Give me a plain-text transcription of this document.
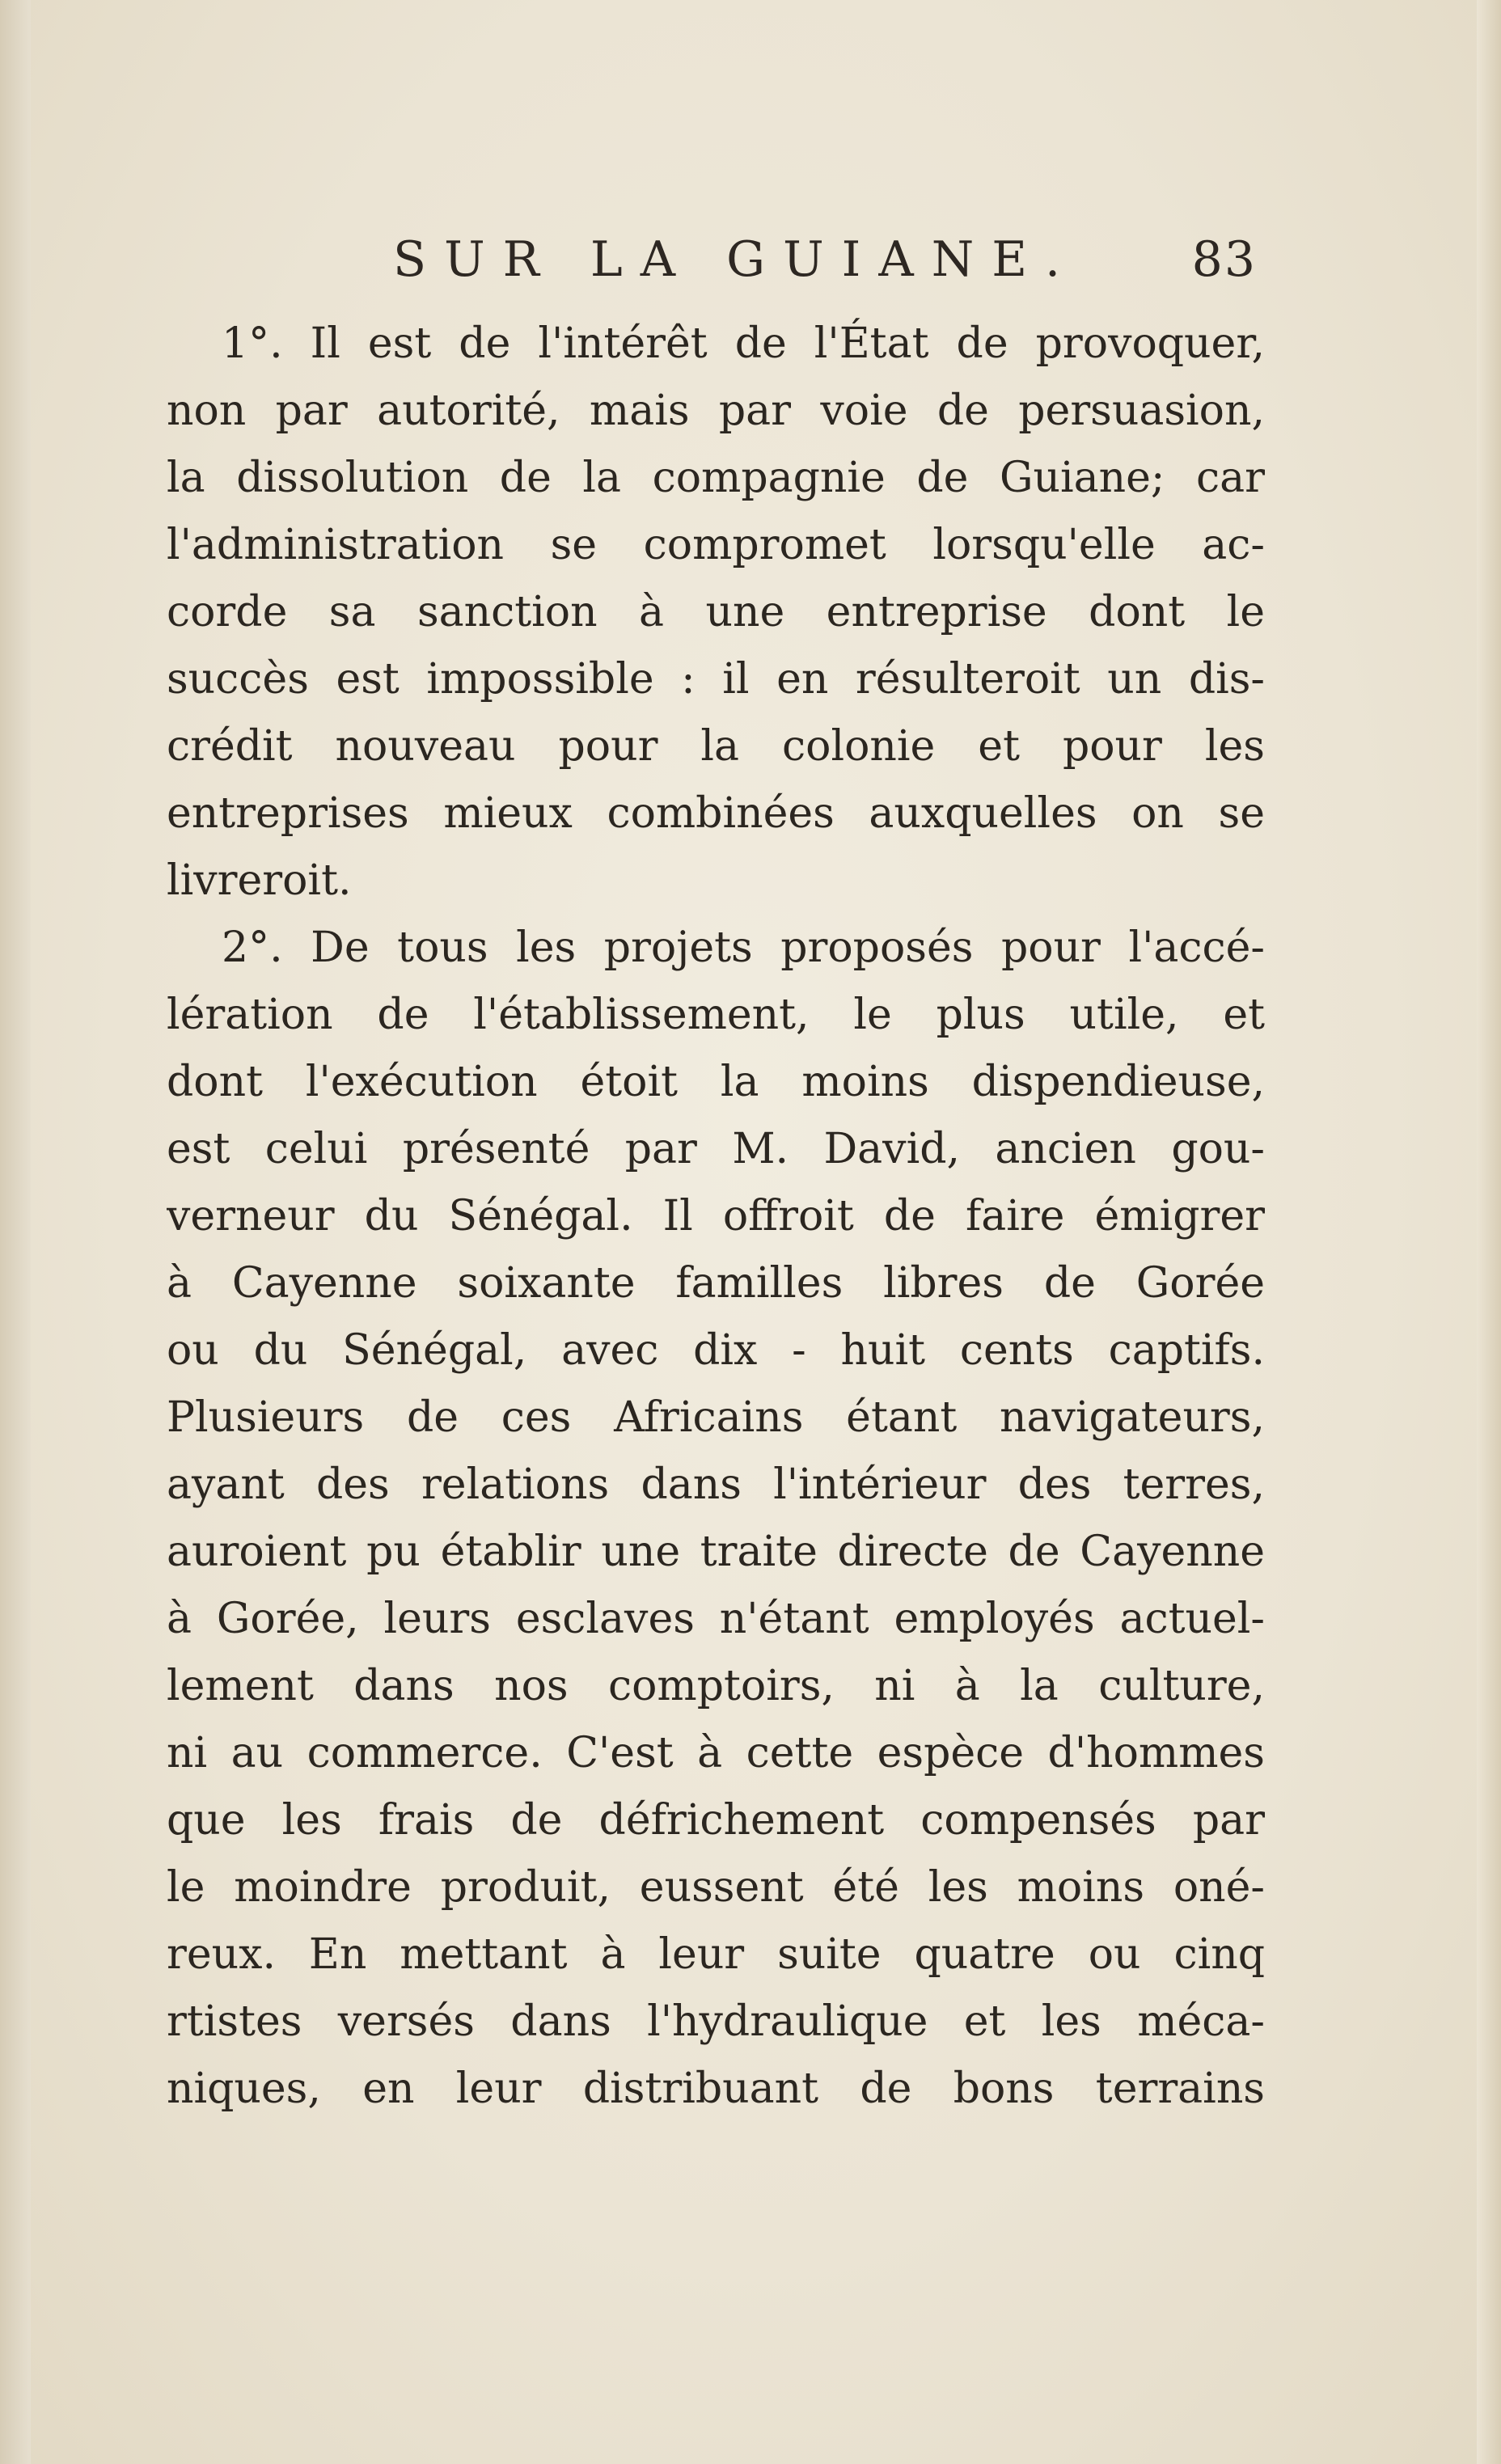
SUR LA GUIANE. 83
1°. Il est de l'intérêt de l'État de provoquer,
non par autorité, mais par voie de persuasion,
la dissolution de la compagnie de Guiane; car
l'administration se compromet lorsqu'elle ac-
corde sa sanction à une entreprise dont le
succès est impossible : il en résulteroit un dis-
crédit nouveau pour la colonie et pour les
entreprises mieux combinées auxquelles on se
livreroit.
2°. De tous les projets proposés pour l'accé-
lération de l'établissement, le plus utile, et
dont l'exécution étoit la moins dispendieuse,
est celui présenté par M. David, ancien gou-
verneur du Sénégal. Il offroit de faire émigrer
à Cayenne soixante familles libres de Gorée
ou du Sénégal, avec dix - huit cents captifs.
Plusieurs de ces Africains étant navigateurs,
ayant des relations dans l'intérieur des terres,
auroient pu établir une traite directe de Cayenne
à Gorée, leurs esclaves n'étant employés actuel-
lement dans nos comptoirs, ni à la culture,
ni au commerce. C'est à cette espèce d'hommes
que les frais de défrichement compensés par
le moindre produit, eussent été les moins oné-
reux. En mettant à leur suite quatre ou cinq
rtistes versés dans l'hydraulique et les méca-
niques, en leur distribuant de bons terrains
